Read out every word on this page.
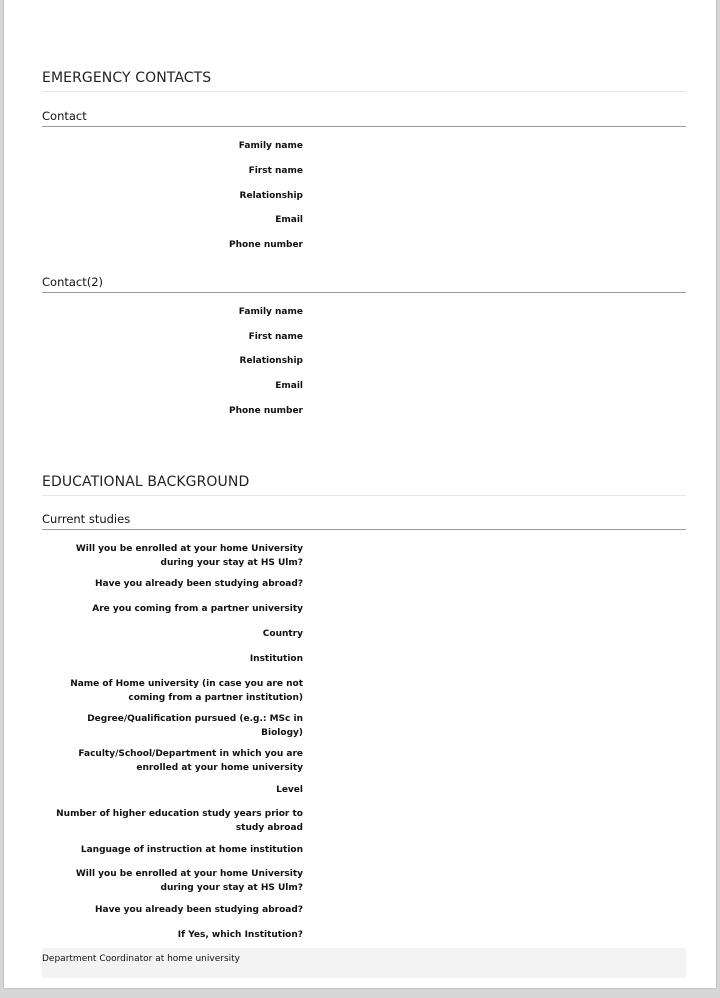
EMERGENCY CONTACTS
Contact
Family name
First name
Relationship
Email
Phone number
Contact(2)
Family name
First name
Relationship
Email
Phone number
EDUCATIONAL BACKGROUND
Current studies
Will you be enrolled at your home University during your stay at HS Ulm?
Have you already been studying abroad?
Are you coming from a partner university
Country
Institution
Name of Home university (in case you are not coming from a partner institution)
Degree/Qualification pursued (e.g.: MSc in Biology)
Faculty/School/Department in which you are enrolled at your home university
Level
Number of higher education study years prior to study abroad
Language of instruction at home institution
Will you be enrolled at your home University during your stay at HS Ulm?
Have you already been studying abroad?
If Yes, which Institution?
Department Coordinator at home university
